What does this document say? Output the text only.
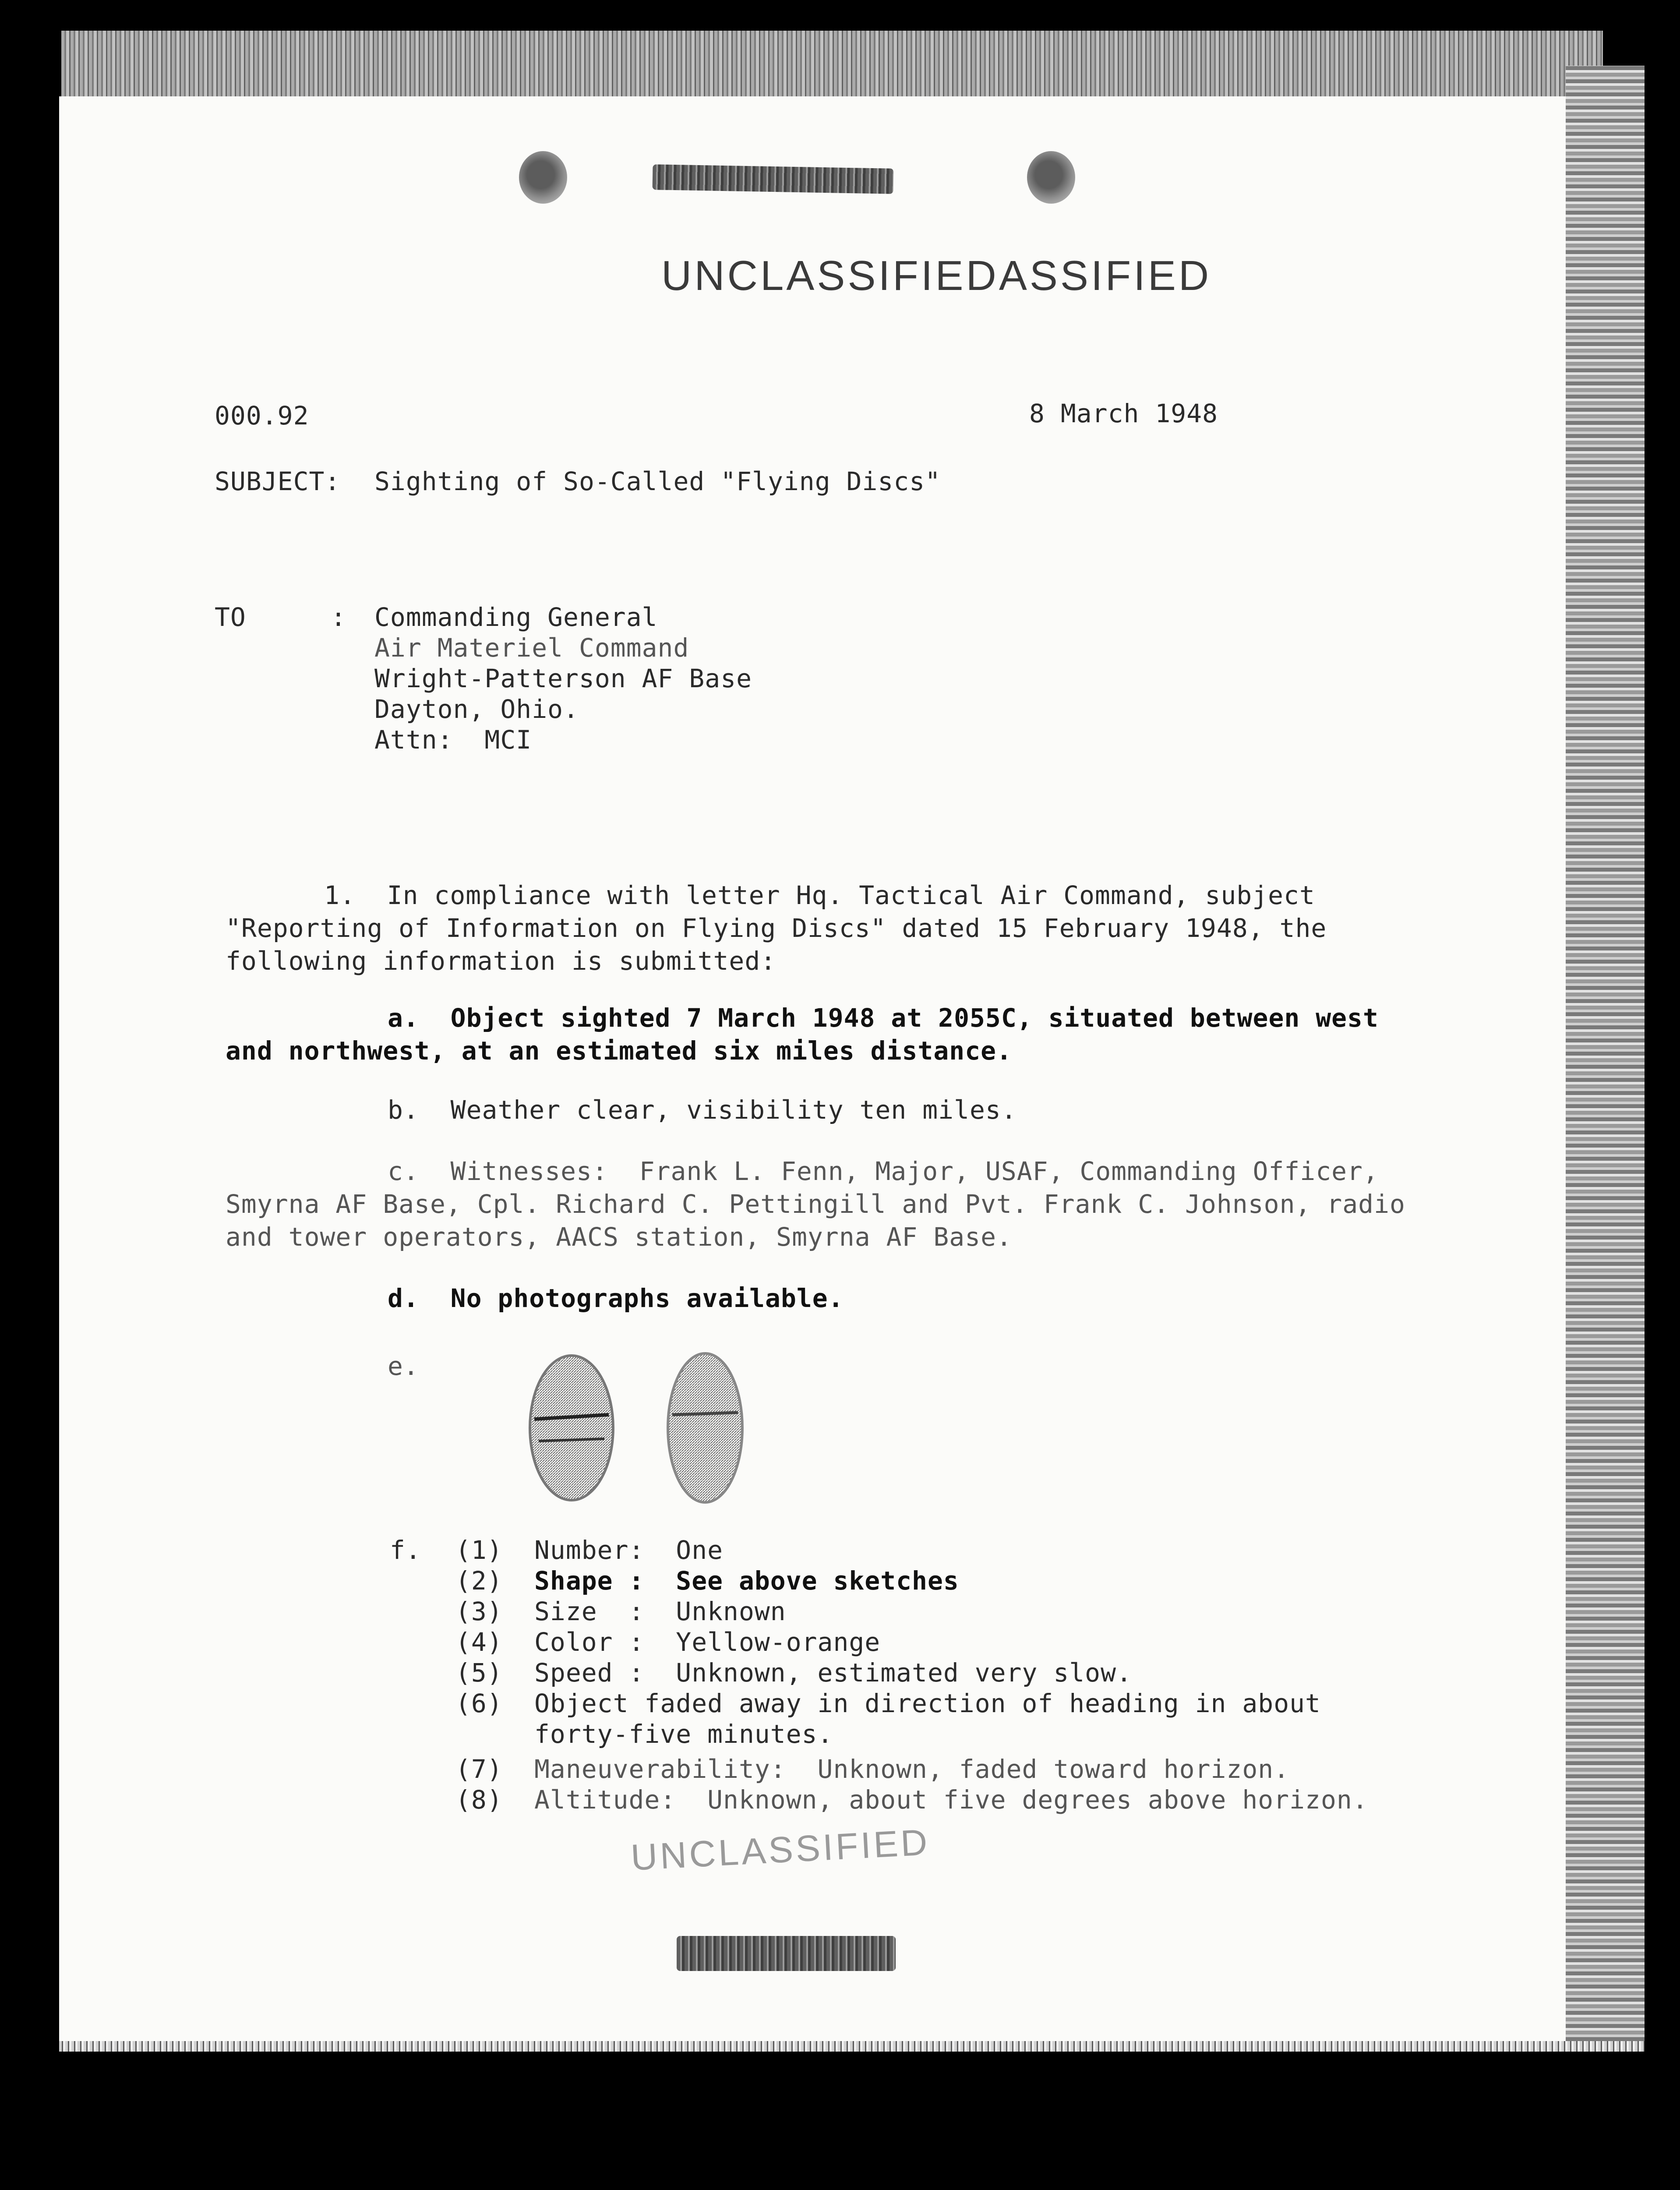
UNCLASSIFIEDASSIFIED
000.92	8 March 1948
SUBJECT: Sighting of So-Called "Flying Discs"
TO	: Commanding General
Air Materiel Command
Wright-Patterson AF Base
Dayton, Ohio.
Attn:  MCI
1.  In compliance with letter Hq. Tactical Air Command, subject
"Reporting of Information on Flying Discs" dated 15 February 1948, the
following information is submitted:
a.  Object sighted 7 March 1948 at 2055C, situated between west
and northwest, at an estimated six miles distance.
b.  Weather clear, visibility ten miles.
c.  Witnesses:  Frank L. Fenn, Major, USAF, Commanding Officer,
Smyrna AF Base, Cpl. Richard C. Pettingill and Pvt. Frank C. Johnson, radio
and tower operators, AACS station, Smyrna AF Base.
d.  No photographs available.
e.
f. (1) Number:  One
(2) Shape :  See above sketches
(3) Size  :  Unknown
(4) Color :  Yellow-orange
(5) Speed :  Unknown, estimated very slow.
(6) Object faded away in direction of heading in about
forty-five minutes.
(7) Maneuverability:  Unknown, faded toward horizon.
(8) Altitude:  Unknown, about five degrees above horizon.
UNCLASSIFIED
